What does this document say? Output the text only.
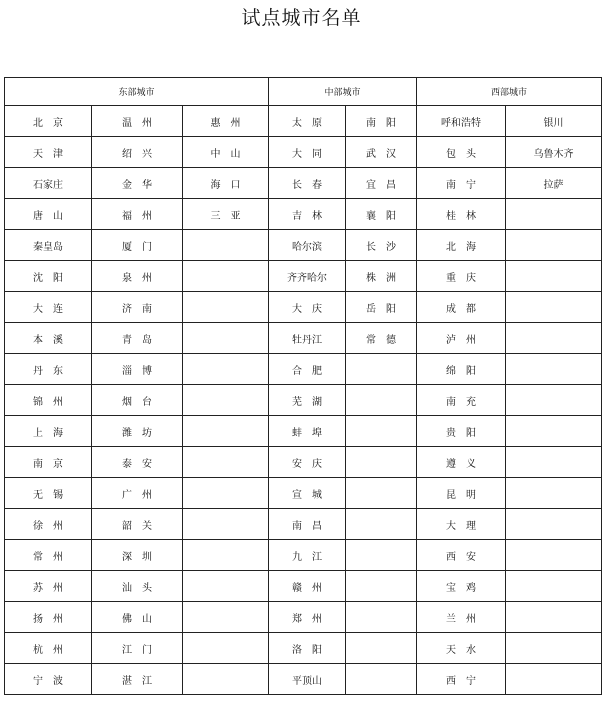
试点城市名单
东部城市			中部城市		西部城市	
北　京	温　州	惠　州	太　原	南　阳	呼和浩特	银川
天　津	绍　兴	中　山	大　同	武　汉	包　头	乌鲁木齐
石家庄	金　华	海　口	长　春	宜　昌	南　宁	拉萨
唐　山	福　州	三　亚	吉　林	襄　阳	桂　林	
秦皇岛	厦　门		哈尔滨	长　沙	北　海	
沈　阳	泉　州		齐齐哈尔	株　洲	重　庆	
大　连	济　南		大　庆	岳　阳	成　都	
本　溪	青　岛		牡丹江	常　德	泸　州	
丹　东	淄　博		合　肥		绵　阳	
锦　州	烟　台		芜　湖		南　充	
上　海	潍　坊		蚌　埠		贵　阳	
南　京	泰　安		安　庆		遵　义	
无　锡	广　州		宣　城		昆　明	
徐　州	韶　关		南　昌		大　理	
常　州	深　圳		九　江		西　安	
苏　州	汕　头		赣　州		宝　鸡	
扬　州	佛　山		郑　州		兰　州	
杭　州	江　门		洛　阳		天　水	
宁　波	湛　江		平顶山		西　宁	
